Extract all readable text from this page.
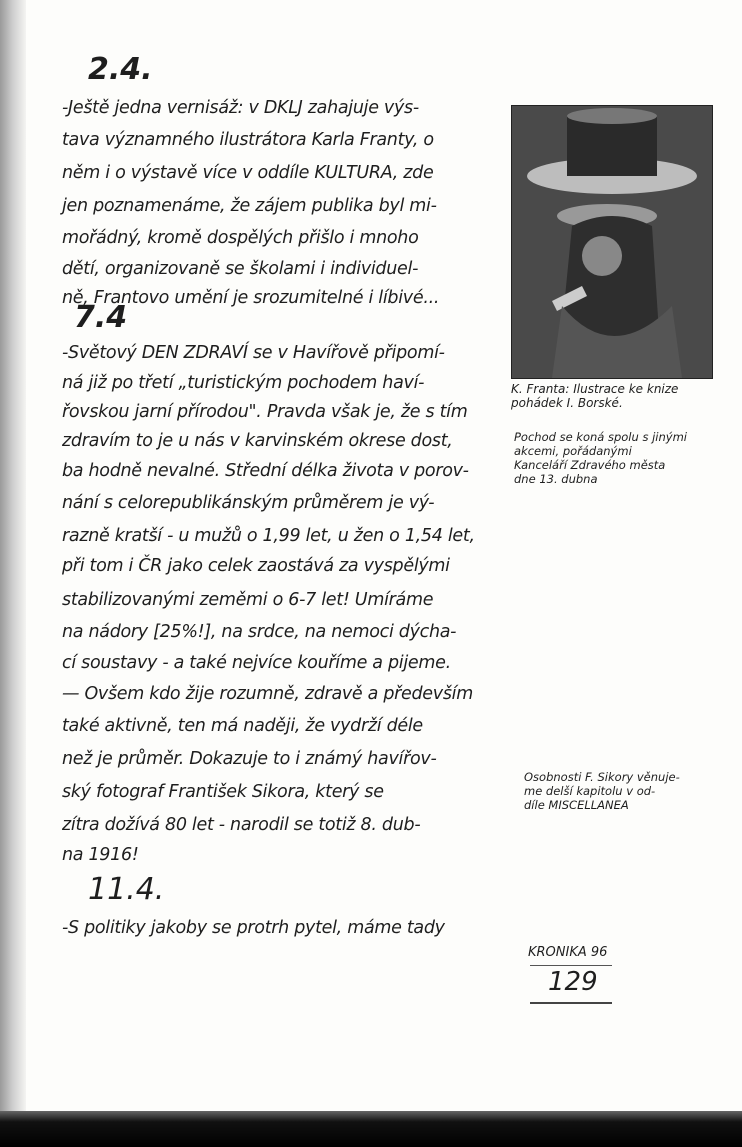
2.4.
-Ještě jedna vernisáž: v DKLJ zahajuje výs-
tava významného ilustrátora Karla Franty, o
něm i o výstavě více v oddíle KULTURA, zde
jen poznamenáme, že zájem publika byl mi-
mořádný, kromě dospělých přišlo i mnoho
dětí, organizovaně se školami i individuel-
ně, Frantovo umění je srozumitelné i líbivé...
7.4
-Světový DEN ZDRAVÍ se v Havířově připomí-
ná již po třetí „turistickým pochodem haví-
řovskou jarní přírodou". Pravda však je, že s tím
zdravím to je u nás v karvinském okrese dost,
ba hodně nevalné. Střední délka života v porov-
nání s celorepublikánským průměrem je vý-
razně kratší - u mužů o 1,99 let, u žen o 1,54 let,
při tom i ČR jako celek zaostává za vyspělými
stabilizovanými zeměmi o 6-7 let! Umíráme
na nádory [25%!], na srdce, na nemoci dýcha-
cí soustavy - a také nejvíce kouříme a pijeme.
— Ovšem kdo žije rozumně, zdravě a především
také aktivně, ten má naději, že vydrží déle
než je průměr. Dokazuje to i známý havířov-
ský fotograf František Sikora, který se
zítra dožívá 80 let - narodil se totiž 8. dub-
na 1916!
11.4.
-S politiky jakoby se protrh pytel, máme tady
K. Franta: Ilustrace ke knize
pohádek I. Borské.
Pochod se koná spolu s jinými
akcemi, pořádanými
Kanceláří Zdravého města
dne 13. dubna
Osobnosti F. Sikory věnuje-
me delší kapitolu v od-
díle MISCELLANEA
KRONIKA 96
129
